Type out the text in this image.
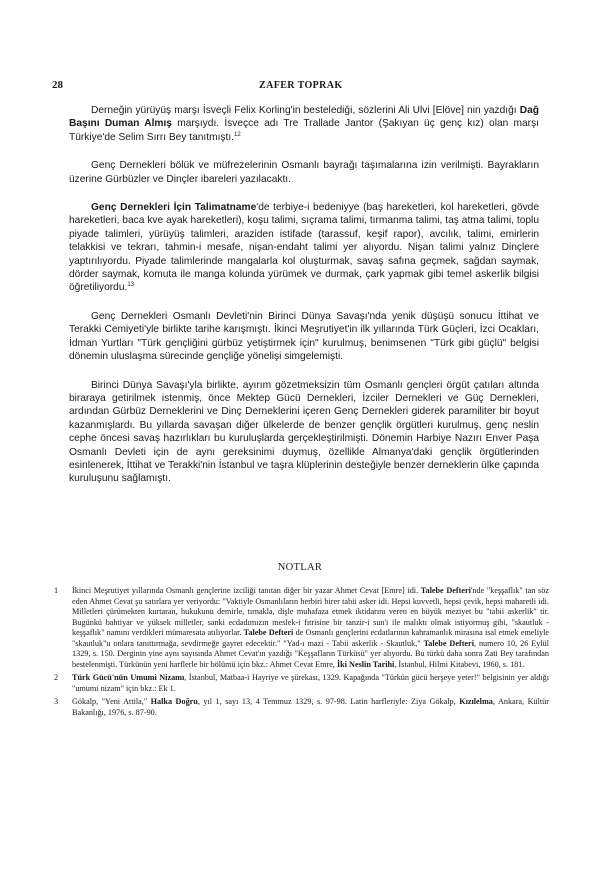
28	ZAFER TOPRAK

Derneğin yürüyüş marşı İsveçli Felix Korling'in bestelediği, sözlerini Ali Ulvi [Elöve] nin yazdığı Dağ Başını Duman Almış marşıydı. İsveçce adı Tre Trallade Jantor (Şakıyan üç genç kız) olan marşı Türkiye'de Selim Sırrı Bey tanıtmıştı.$^{12}$

Genç Dernekleri bölük ve müfrezelerinin Osmanlı bayrağı taşımalarına izin verilmişti. Bayrakların üzerine Gürbüzler ve Dinçler ibareleri yazılacaktı.

Genç Dernekleri İçin Talimatname'de terbiye-i bedeniyye (baş hareketleri, kol hareketleri, gövde hareketleri, baca kve ayak hareketleri), koşu talimi, sıçrama talimi, tırmanma talimi, taş atma talimi, toplu piyade talimleri, yürüyüş talimleri, araziden istifade (tarassuf, keşif rapor), avcılık, talimi, emirlerin telakkisi ve tekrarı, tahmin-i mesafe, nişan-endaht talimi yer alıyordu. Nişan talimi yalnız Dinçlere yaptırılıyordu. Piyade talimlerinde mangalarla kol oluşturmak, savaş safına geçmek, sağdan saymak, dörder saymak, komuta ile manga kolunda yürümek ve durmak, çark yapmak gibi temel askerlik bilgisi öğretiliyordu.$^{13}$

Genç Dernekleri Osmanlı Devleti'nin Birinci Dünya Savaşı'nda yenik düşüşü sonucu İttihat ve Terakki Cemiyeti'yle birlikte tarihe karışmıştı. İkinci Meşrutiyet'in ilk yıllarında Türk Güçleri, İzci Ocakları, İdman Yurtları "Türk gençliğini gürbüz yetiştirmek için" kurulmuş, benimsenen "Türk gibi güçlü" belgisi dönemin uluslaşma sürecinde gençliğe yönelişi simgelemişti.

Birinci Dünya Savaşı'yla birlikte, ayırım gözetmeksizin tüm Osmanlı gençleri örgüt çatıları altında biraraya getirilmek istenmiş, önce Mektep Gücü Dernekleri, İzciler Dernekleri ve Güç Dernekleri, ardından Gürbüz Derneklerini ve Dinç Derneklerini içeren Genç Dernekleri giderek paramiliter bir boyut kazanmışlardı. Bu yıllarda savaşan diğer ülkelerde de benzer gençlik örgütleri kurulmuş, genç neslin cephe öncesi savaş hazırlıkları bu kuruluşlarda gerçekleştirilmişti. Dönemin Harbiye Nazırı Enver Paşa Osmanlı Devleti için de aynı gereksinimi duymuş, özellikle Almanya'daki gençlik örgütlerinden esinlenerek, İttihat ve Terakki'nin İstanbul ve taşra klüplerinin desteğiyle benzer derneklerin ülke çapında kuruluşunu sağlamıştı.

NOTLAR
1	İkinci Meşrutiyet yıllarında Osmanlı gençlerine izciliği tanıtan diğer bir yazar Ahmet Cevat [Emre] idi. Talebe Defteri'nde "keşşaflık" tan söz eden Ahmet Cevat şu satırlara yer veriyordu: "Vaktiyle Osmanlıların herbiri birer tabii asker idi. Hepsi kuvvetli, hepsi çevik, hepsi maharetli idi. Milletleri çürümekten kurtaran, hukukunu demirle, tırnakla, dişle muhafaza etmek iktidarını veren en büyük meziyet bu "tabii askerlik" tir. Bugünkü bahtiyar ve yüksek milletler, sanki ecdadımızın meslek-i fıtrisine bir tanzir-i sun'i ile malıktı olmak istiyormuş gibi, "skautluk - keşşaflık" namını verdikleri mümaresata atılıyorlar. Talebe Defteri de Osmanlı gençlerini ecdatlarının kahramanlık mirasına isal etmek emeliyle "skautluk"u onlara tanıttırmağa, sevdirmeğe gayret edecektir." "Yad-ı mazi - Tabii askerlik - Skautluk," Talebe Defteri, numero 10, 26 Eylül 1329, s. 150. Derginin yine aynı sayısında Ahmet Cevat'ın yazdığı "Keşşafların Türküsü" yer alıyordu. Bu türkü daha sonra Zati Bey tarafından bestelenmişti. Türkünün yeni harflerle bir bölümü için bkz.: Ahmet Cevat Emre, İki Neslin Tarihi, İstanbul, Hilmi Kitabevi, 1960, s. 181.
2	Türk Gücü'nün Umumi Nizamı, İstanbul, Matbaa-i Hayriye ve şürekası, 1329. Kapağında "Türkün gücü herşeye yeter!" belgisinin yer aldığı "umumi nizam" için bkz.: Ek 1.
3	Gökalp, "Yeni Attila," Halka Doğru, yıl 1, sayı 13, 4 Temmuz 1329, s. 97-98. Latin harfleriyle: Ziya Gökalp, Kızılelma, Ankara, Kültür Bakanlığı, 1976, s. 87-90.
